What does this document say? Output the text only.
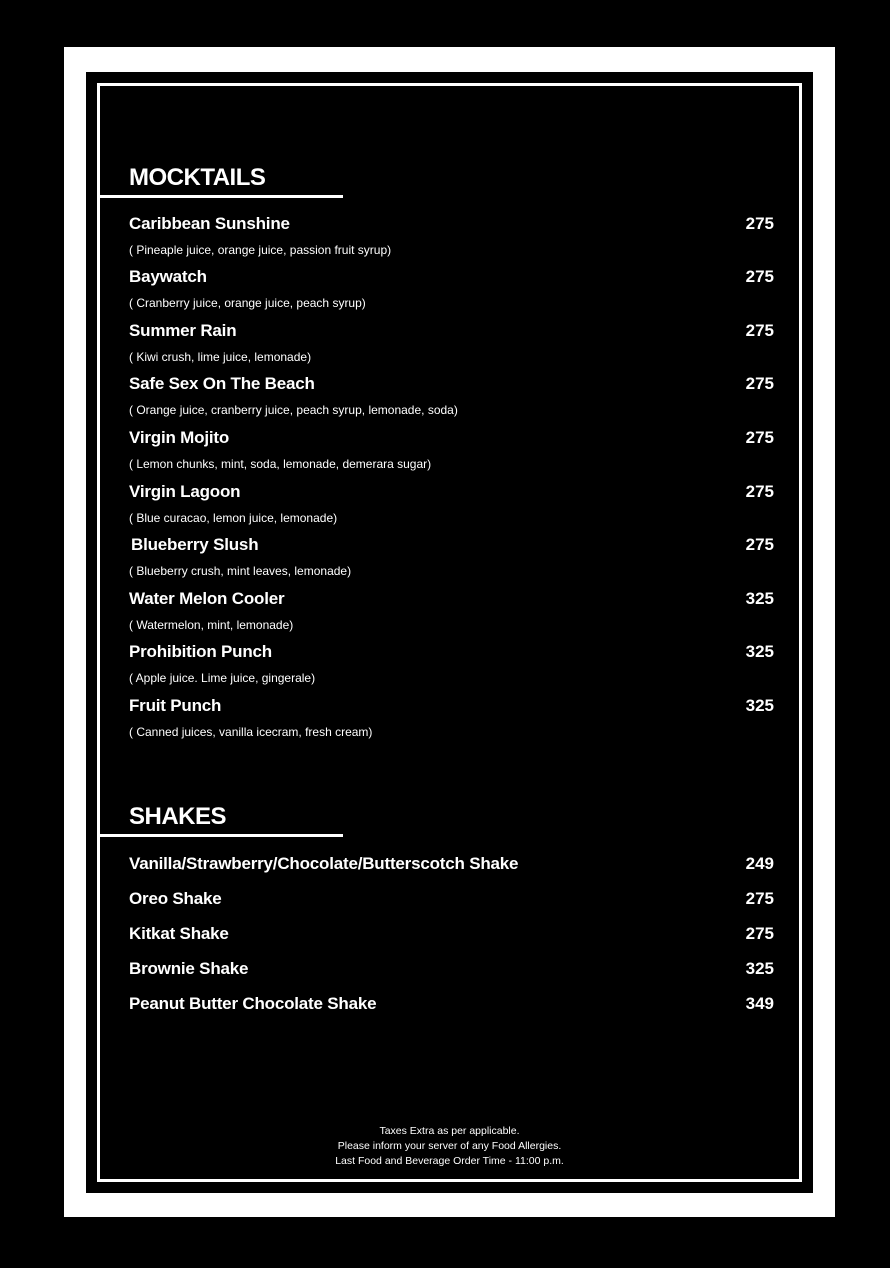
MOCKTAILS
Caribbean Sunshine	275
( Pineaple juice, orange juice, passion fruit syrup)
Baywatch	275
( Cranberry juice, orange juice, peach syrup)
Summer Rain	275
( Kiwi crush, lime juice, lemonade)
Safe Sex On The Beach	275
( Orange juice, cranberry juice, peach syrup, lemonade, soda)
Virgin Mojito	275
( Lemon chunks, mint, soda, lemonade, demerara sugar)
Virgin Lagoon	275
( Blue curacao, lemon juice, lemonade)
Blueberry Slush	275
( Blueberry crush, mint leaves, lemonade)
Water Melon Cooler	325
( Watermelon, mint, lemonade)
Prohibition Punch	325
( Apple juice. Lime juice, gingerale)
Fruit Punch	325
( Canned juices, vanilla icecram, fresh cream)
SHAKES
Vanilla/Strawberry/Chocolate/Butterscotch Shake	249
Oreo Shake	275
Kitkat Shake	275
Brownie Shake	325
Peanut Butter Chocolate Shake	349
Taxes Extra as per applicable.
Please inform your server of any Food Allergies.
Last Food and Beverage Order Time - 11:00 p.m.
